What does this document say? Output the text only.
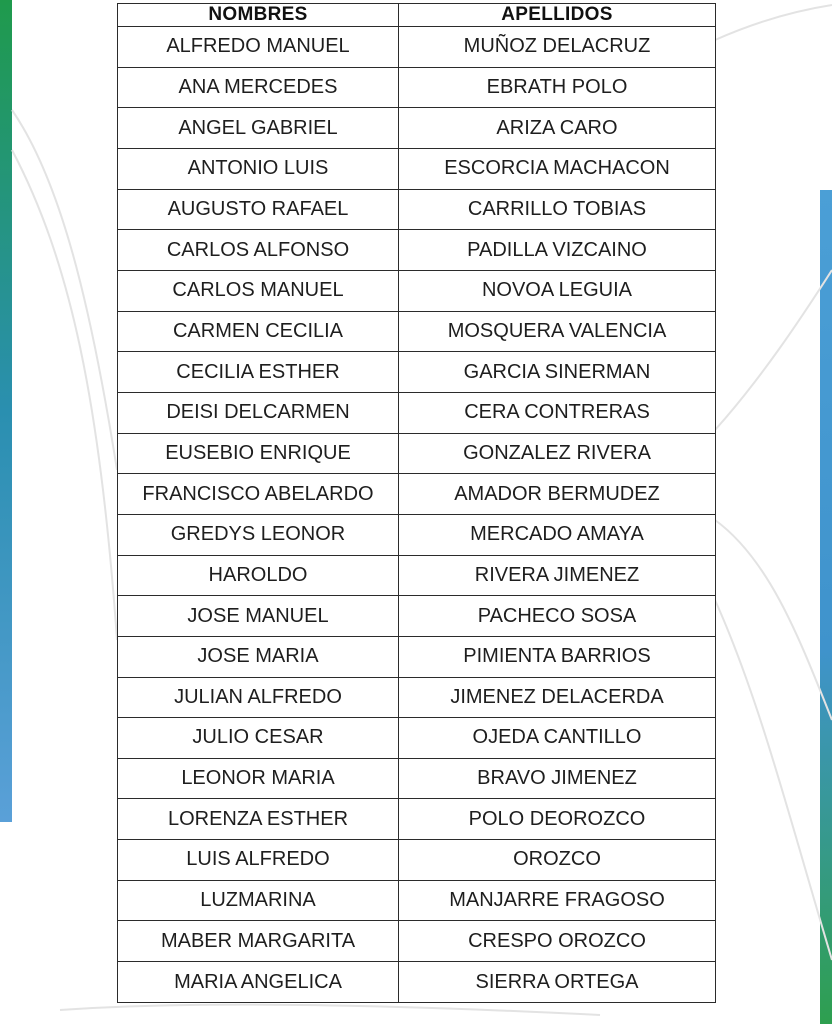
NOMBRES	APELLIDOS
ALFREDO MANUEL	MUÑOZ DELACRUZ
ANA MERCEDES	EBRATH POLO
ANGEL GABRIEL	ARIZA CARO
ANTONIO LUIS	ESCORCIA MACHACON
AUGUSTO RAFAEL	CARRILLO TOBIAS
CARLOS ALFONSO	PADILLA VIZCAINO
CARLOS MANUEL	NOVOA LEGUIA
CARMEN CECILIA	MOSQUERA VALENCIA
CECILIA ESTHER	GARCIA SINERMAN
DEISI DELCARMEN	CERA CONTRERAS
EUSEBIO ENRIQUE	GONZALEZ RIVERA
FRANCISCO ABELARDO	AMADOR BERMUDEZ
GREDYS LEONOR	MERCADO AMAYA
HAROLDO	RIVERA JIMENEZ
JOSE MANUEL	PACHECO SOSA
JOSE MARIA	PIMIENTA BARRIOS
JULIAN ALFREDO	JIMENEZ DELACERDA
JULIO CESAR	OJEDA CANTILLO
LEONOR MARIA	BRAVO JIMENEZ
LORENZA ESTHER	POLO DEOROZCO
LUIS ALFREDO	OROZCO
LUZMARINA	MANJARRE FRAGOSO
MABER MARGARITA	CRESPO OROZCO
MARIA ANGELICA	SIERRA ORTEGA
